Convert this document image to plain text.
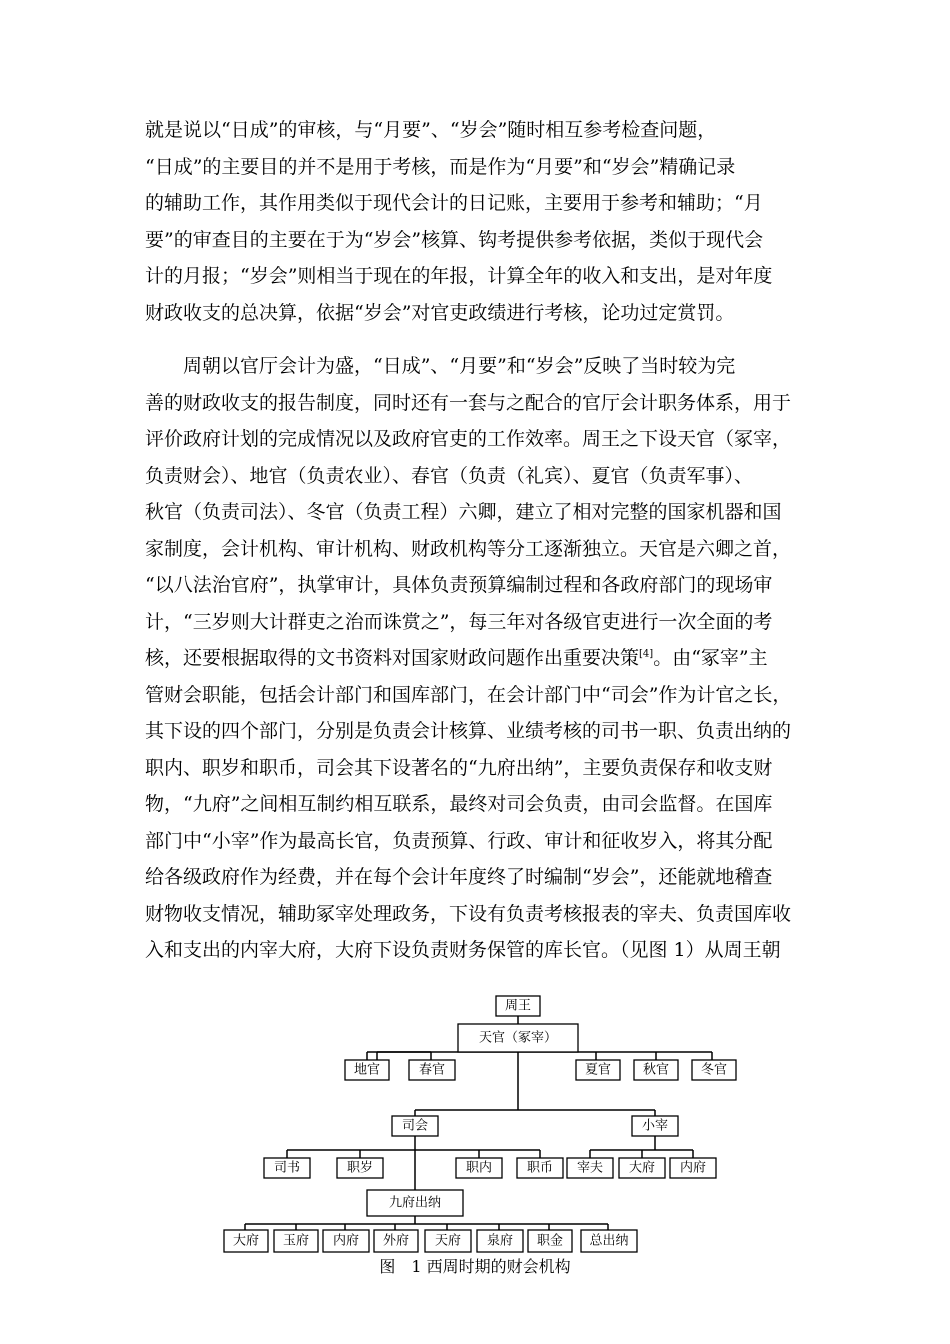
就是说以“日成”的审核，与“月要”、“岁会”随时相互参考检查问题，
“日成”的主要目的并不是用于考核，而是作为“月要”和“岁会”精确记录
的辅助工作，其作用类似于现代会计的日记账，主要用于参考和辅助；“月
要”的审查目的主要在于为“岁会”核算、钩考提供参考依据，类似于现代会
计的月报；“岁会”则相当于现在的年报，计算全年的收入和支出，是对年度
财政收支的总决算，依据“岁会”对官吏政绩进行考核，论功过定赏罚。
　　周朝以官厅会计为盛，“日成”、“月要”和“岁会”反映了当时较为完
善的财政收支的报告制度，同时还有一套与之配合的官厅会计职务体系，用于
评价政府计划的完成情况以及政府官吏的工作效率。周王之下设天官（冢宰，
负责财会）、地官（负责农业）、春官（负责（礼宾）、夏官（负责军事）、
秋官（负责司法）、冬官（负责工程）六卿，建立了相对完整的国家机器和国
家制度，会计机构、审计机构、财政机构等分工逐渐独立。天官是六卿之首，
“以八法治官府”，执掌审计，具体负责预算编制过程和各政府部门的现场审
计，“三岁则大计群吏之治而诛赏之”，每三年对各级官吏进行一次全面的考
核，还要根据取得的文书资料对国家财政问题作出重要决策[4]。由“冢宰”主
管财会职能，包括会计部门和国库部门，在会计部门中“司会”作为计官之长，
其下设的四个部门，分别是负责会计核算、业绩考核的司书一职、负责出纳的
职内、职岁和职币，司会其下设著名的“九府出纳”，主要负责保存和收支财
物，“九府”之间相互制约相互联系，最终对司会负责，由司会监督。在国库
部门中“小宰”作为最高长官，负责预算、行政、审计和征收岁入，将其分配
给各级政府作为经费，并在每个会计年度终了时编制“岁会”，还能就地稽查
财物收支情况，辅助冢宰处理政务，下设有负责考核报表的宰夫、负责国库收
入和支出的内宰大府，大府下设负责财务保管的库长官。（见图 1）从周王朝
周王
天官（冢宰）
地官	春官	夏官 秋官 冬官
司会	小宰
司书	职岁	职内	职币 宰夫 大府 内府
九府出纳
大府 玉府 内府 外府 天府 泉府 职金 总出纳
图　1 西周时期的财会机构
